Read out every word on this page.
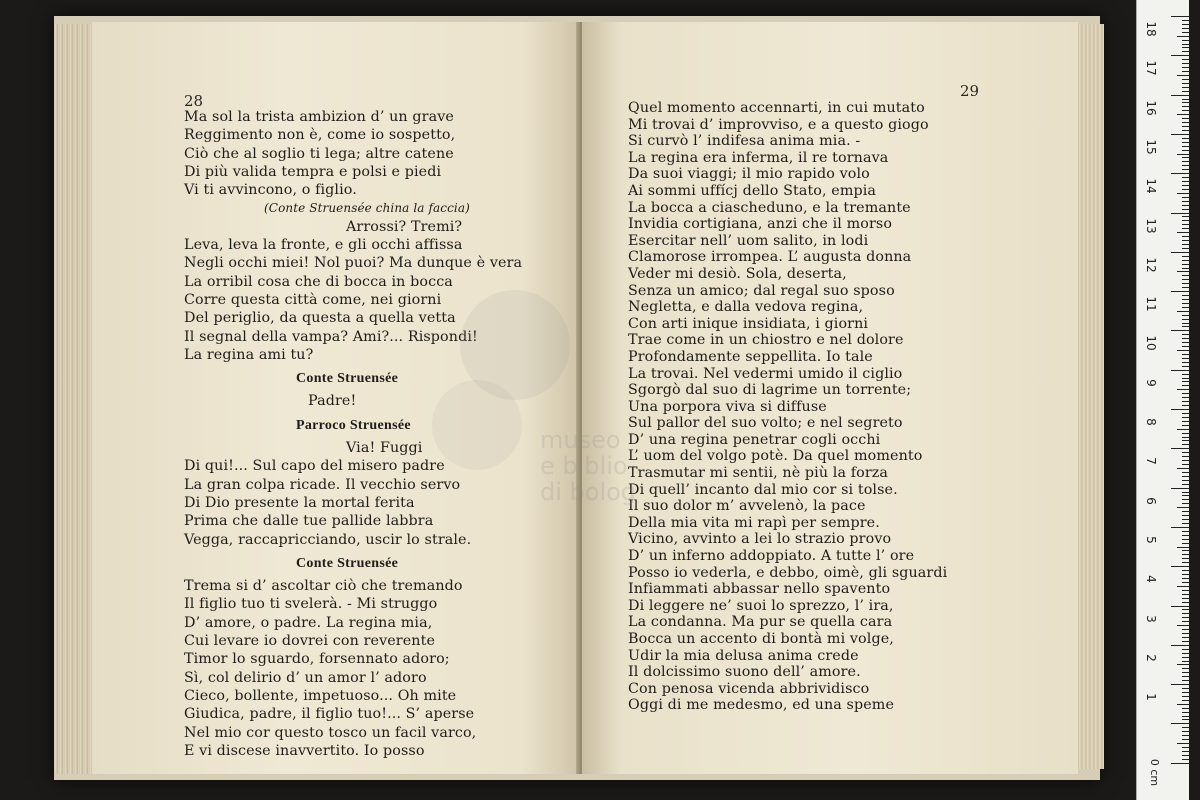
28
Ma sol la trista ambizion d’ un grave
Reggimento non è, come io sospetto,
Ciò che al soglio ti lega; altre catene
Di più valida tempra e polsi e piedi
Vi ti avvincono, o figlio.
(Conte Struensée china la faccia)
Arrossi? Tremi?
Leva, leva la fronte, e gli occhi affissa
Negli occhi miei! Nol puoi? Ma dunque è vera
La orribil cosa che di bocca in bocca
Corre questa città come, nei giorni
Del periglio, da questa a quella vetta
Il segnal della vampa? Ami?... Rispondi!
La regina ami tu?
Conte Struensée
Padre!
Parroco Struensée
Via! Fuggi
Di qui!... Sul capo del misero padre
La gran colpa ricade. Il vecchio servo
Di Dio presente la mortal ferita
Prima che dalle tue pallide labbra
Vegga, raccapricciando, uscir lo strale.
Conte Struensée
Trema si d’ ascoltar ciò che tremando
Il figlio tuo ti svelerà. - Mi struggo
D’ amore, o padre. La regina mia,
Cui levare io dovrei con reverente
Timor lo sguardo, forsennato adoro;
Sì, col delirio d’ un amor l’ adoro
Cieco, bollente, impetuoso... Oh mite
Giudica, padre, il figlio tuo!... S’ aperse
Nel mio cor questo tosco un facil varco,
E vi discese inavvertito. Io posso
29
Quel momento accennarti, in cui mutato
Mi trovai d’ improvviso, e a questo giogo
Si curvò l’ indifesa anima mia. -
La regina era inferma, il re tornava
Da suoi viaggi; il mio rapido volo
Ai sommi uffícj dello Stato, empia
La bocca a ciascheduno, e la tremante
Invidia cortigiana, anzi che il morso
Esercitar nell’ uom salito, in lodi
Clamorose irrompea. L’ augusta donna
Veder mi desiò. Sola, deserta,
Senza un amico; dal regal suo sposo
Negletta, e dalla vedova regina,
Con arti inique insidiata, i giorni
Trae come in un chiostro e nel dolore
Profondamente seppellita. Io tale
La trovai. Nel vedermi umido il ciglio
Sgorgò dal suo di lagrime un torrente;
Una porpora viva si diffuse
Sul pallor del suo volto; e nel segreto
D’ una regina penetrar cogli occhi
L’ uom del volgo potè. Da quel momento
Trasmutar mi sentii, nè più la forza
Di quell’ incanto dal mio cor si tolse.
Il suo dolor m’ avvelenò, la pace
Della mia vita mi rapì per sempre.
Vicino, avvinto a lei lo strazio provo
D’ un inferno addoppiato. A tutte l’ ore
Posso io vederla, e debbo, oimè, gli sguardi
Infiammati abbassar nello spavento
Di leggere ne’ suoi lo sprezzo, l’ ira,
La condanna. Ma pur se quella cara
Bocca un accento di bontà mi volge,
Udir la mia delusa anima crede
Il dolcissimo suono dell’ amore.
Con penosa vicenda abbrividisco
Oggi di me medesmo, ed una speme
museo
e biblio
di bolog
0 cm
18
17
16
15
14
13
12
11
10
9
8
7
6
5
4
3
2
1
